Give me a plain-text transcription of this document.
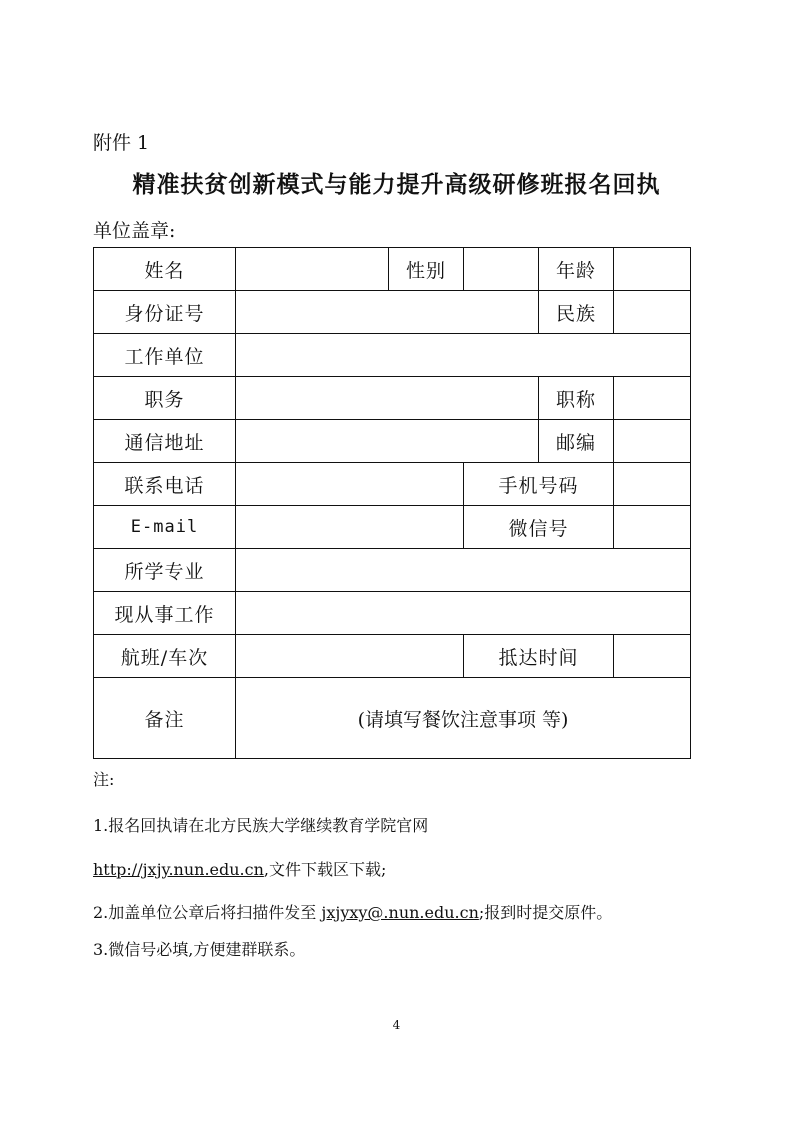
附件 1
精准扶贫创新模式与能力提升高级研修班报名回执
单位盖章:
姓名		性别		年龄	
身份证号				民族	
工作单位					
职务				职称	
通信地址				邮编	
联系电话			手机号码		
E-mail			微信号		
所学专业					
现从事工作					
航班/车次			抵达时间		
备注	(请填写餐饮注意事项 等)				
注:
1.报名回执请在北方民族大学继续教育学院官网
http://jxjy.nun.edu.cn,文件下载区下载;
2.加盖单位公章后将扫描件发至 jxjyxy@.nun.edu.cn;报到时提交原件。
3.微信号必填,方便建群联系。
4
